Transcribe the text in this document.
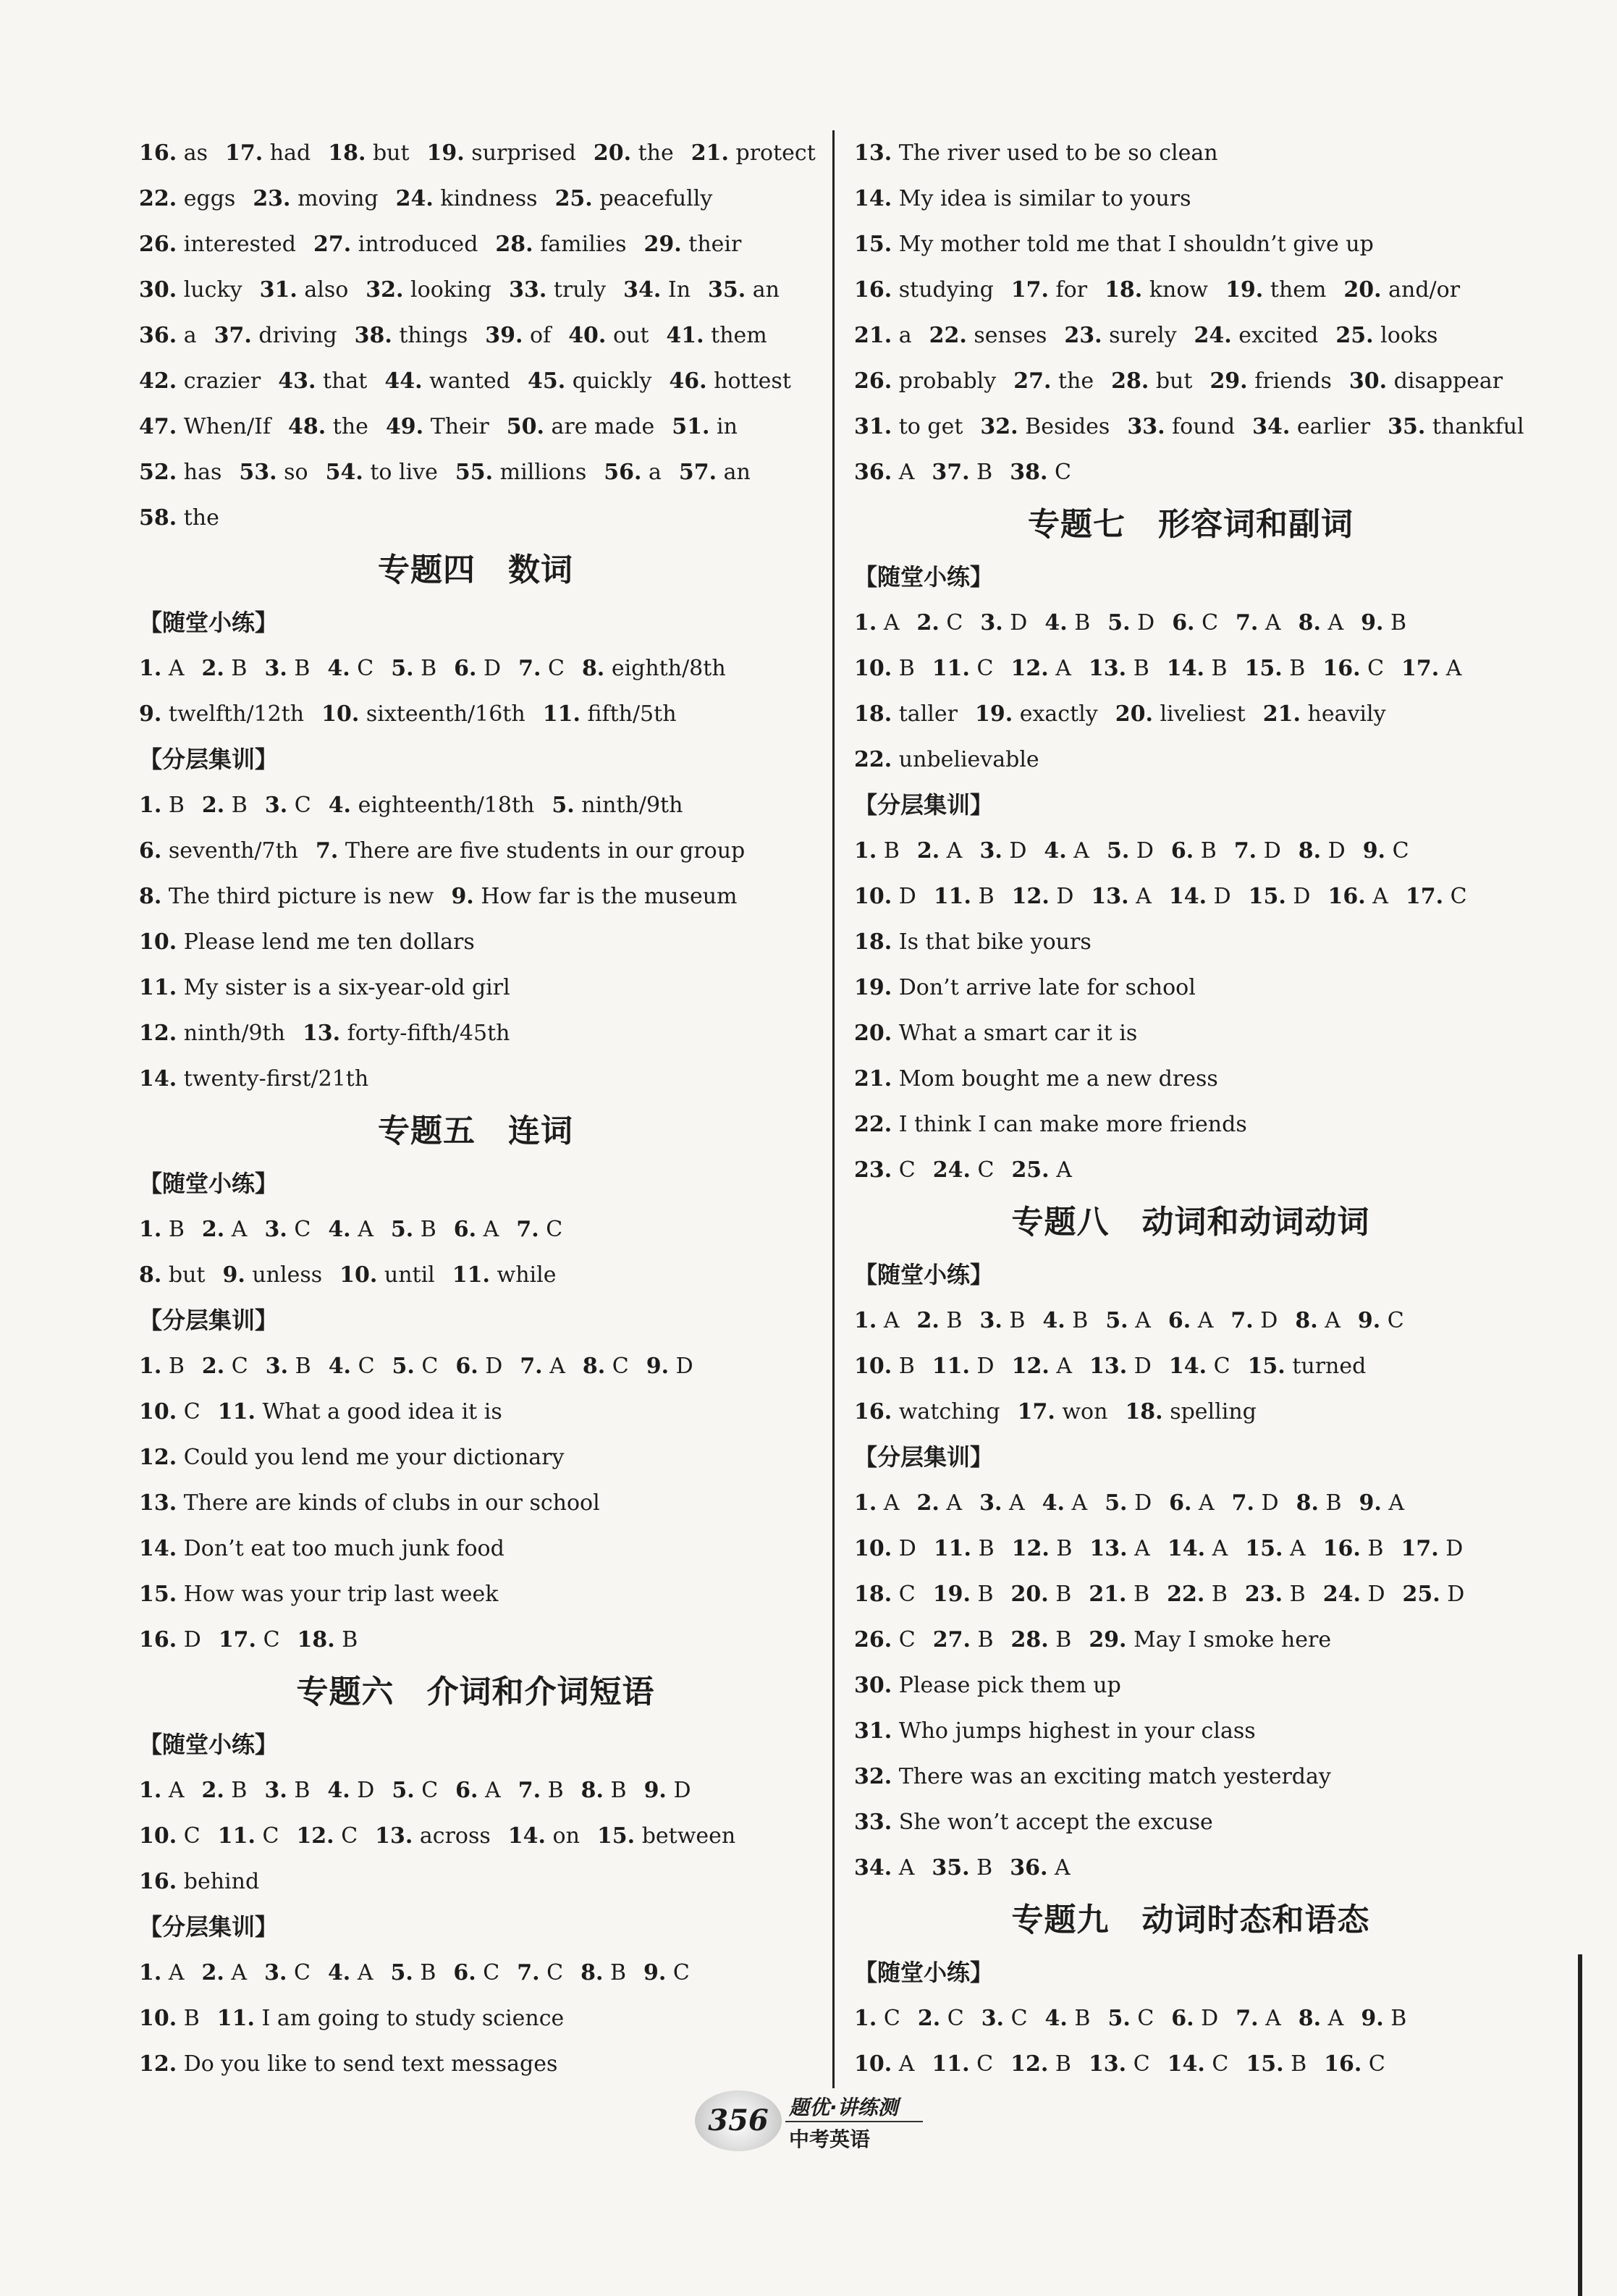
16. as 17. had 18. but 19. surprised 20. the 21. protect
22. eggs 23. moving 24. kindness 25. peacefully
26. interested 27. introduced 28. families 29. their
30. lucky 31. also 32. looking 33. truly 34. In 35. an
36. a 37. driving 38. things 39. of 40. out 41. them
42. crazier 43. that 44. wanted 45. quickly 46. hottest
47. When/If 48. the 49. Their 50. are made 51. in
52. has 53. so 54. to live 55. millions 56. a 57. an
58. the
专题四　数词
【随堂小练】
1. A 2. B 3. B 4. C 5. B 6. D 7. C 8. eighth/8th
9. twelfth/12th 10. sixteenth/16th 11. fifth/5th
【分层集训】
1. B 2. B 3. C 4. eighteenth/18th 5. ninth/9th
6. seventh/7th 7. There are five students in our group
8. The third picture is new 9. How far is the museum
10. Please lend me ten dollars
11. My sister is a six-year-old girl
12. ninth/9th 13. forty-fifth/45th
14. twenty-first/21th
专题五　连词
【随堂小练】
1. B 2. A 3. C 4. A 5. B 6. A 7. C
8. but 9. unless 10. until 11. while
【分层集训】
1. B 2. C 3. B 4. C 5. C 6. D 7. A 8. C 9. D
10. C 11. What a good idea it is
12. Could you lend me your dictionary
13. There are kinds of clubs in our school
14. Don’t eat too much junk food
15. How was your trip last week
16. D 17. C 18. B
专题六　介词和介词短语
【随堂小练】
1. A 2. B 3. B 4. D 5. C 6. A 7. B 8. B 9. D
10. C 11. C 12. C 13. across 14. on 15. between
16. behind
【分层集训】
1. A 2. A 3. C 4. A 5. B 6. C 7. C 8. B 9. C
10. B 11. I am going to study science
12. Do you like to send text messages
13. The river used to be so clean
14. My idea is similar to yours
15. My mother told me that I shouldn’t give up
16. studying 17. for 18. know 19. them 20. and/or
21. a 22. senses 23. surely 24. excited 25. looks
26. probably 27. the 28. but 29. friends 30. disappear
31. to get 32. Besides 33. found 34. earlier 35. thankful
36. A 37. B 38. C
专题七　形容词和副词
【随堂小练】
1. A 2. C 3. D 4. B 5. D 6. C 7. A 8. A 9. B
10. B 11. C 12. A 13. B 14. B 15. B 16. C 17. A
18. taller 19. exactly 20. liveliest 21. heavily
22. unbelievable
【分层集训】
1. B 2. A 3. D 4. A 5. D 6. B 7. D 8. D 9. C
10. D 11. B 12. D 13. A 14. D 15. D 16. A 17. C
18. Is that bike yours
19. Don’t arrive late for school
20. What a smart car it is
21. Mom bought me a new dress
22. I think I can make more friends
23. C 24. C 25. A
专题八　动词和动词动词
【随堂小练】
1. A 2. B 3. B 4. B 5. A 6. A 7. D 8. A 9. C
10. B 11. D 12. A 13. D 14. C 15. turned
16. watching 17. won 18. spelling
【分层集训】
1. A 2. A 3. A 4. A 5. D 6. A 7. D 8. B 9. A
10. D 11. B 12. B 13. A 14. A 15. A 16. B 17. D
18. C 19. B 20. B 21. B 22. B 23. B 24. D 25. D
26. C 27. B 28. B 29. May I smoke here
30. Please pick them up
31. Who jumps highest in your class
32. There was an exciting match yesterday
33. She won’t accept the excuse
34. A 35. B 36. A
专题九　动词时态和语态
【随堂小练】
1. C 2. C 3. C 4. B 5. C 6. D 7. A 8. A 9. B
10. A 11. C 12. B 13. C 14. C 15. B 16. C
356	题优·讲练测
中考英语
